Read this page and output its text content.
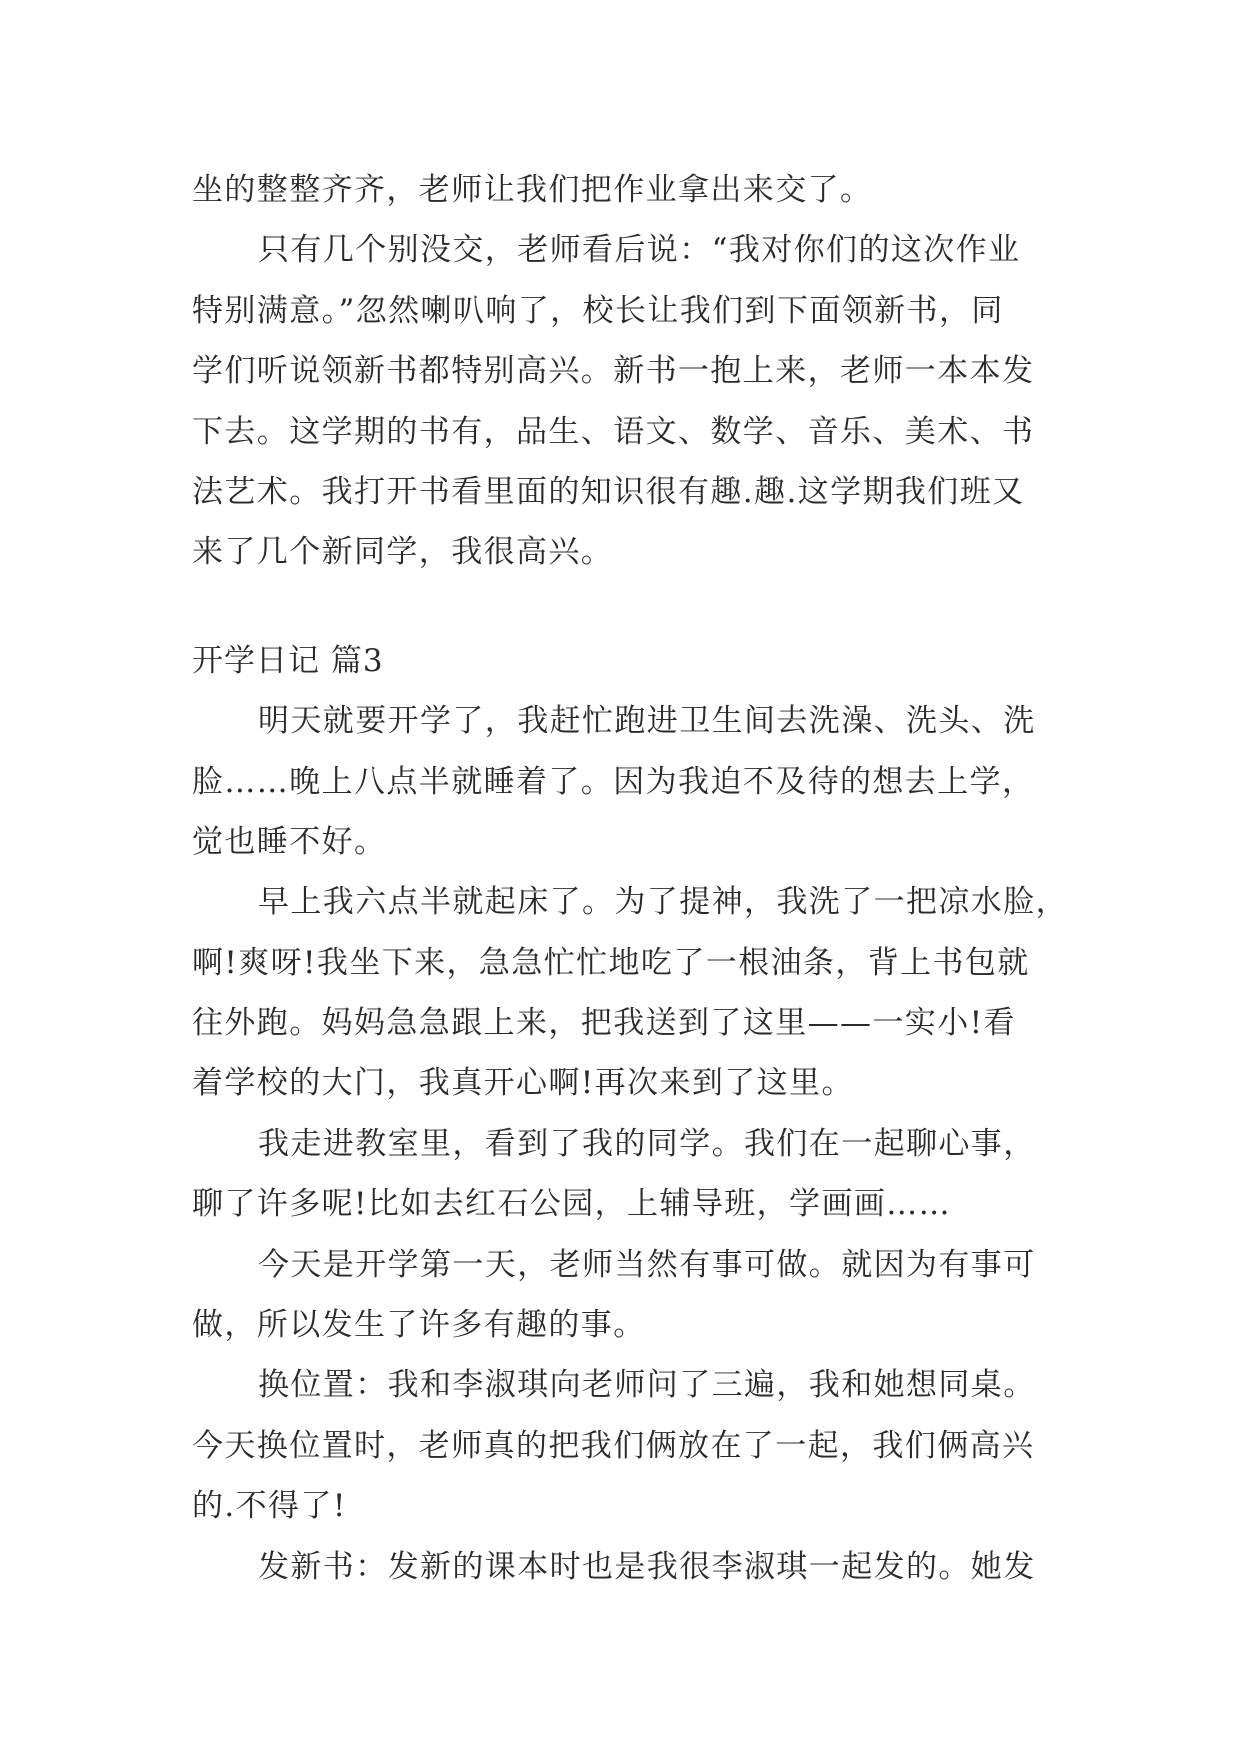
坐的整整齐齐，老师让我们把作业拿出来交了。
只有几个别没交，老师看后说：“我对你们的这次作业
特别满意。”忽然喇叭响了，校长让我们到下面领新书，同
学们听说领新书都特别高兴。新书一抱上来，老师一本本发
下去。这学期的书有，品生、语文、数学、音乐、美术、书
法艺术。我打开书看里面的知识很有趣.趣.这学期我们班又
来了几个新同学，我很高兴。
开学日记 篇3
明天就要开学了，我赶忙跑进卫生间去洗澡、洗头、洗
脸……晚上八点半就睡着了。因为我迫不及待的想去上学，
觉也睡不好。
早上我六点半就起床了。为了提神，我洗了一把凉水脸，
啊!爽呀!我坐下来，急急忙忙地吃了一根油条，背上书包就
往外跑。妈妈急急跟上来，把我送到了这里——一实小!看
着学校的大门，我真开心啊!再次来到了这里。
我走进教室里，看到了我的同学。我们在一起聊心事，
聊了许多呢!比如去红石公园，上辅导班，学画画……
今天是开学第一天，老师当然有事可做。就因为有事可
做，所以发生了许多有趣的事。
换位置：我和李淑琪向老师问了三遍，我和她想同桌。
今天换位置时，老师真的把我们俩放在了一起，我们俩高兴
的.不得了!
发新书：发新的课本时也是我很李淑琪一起发的。她发
